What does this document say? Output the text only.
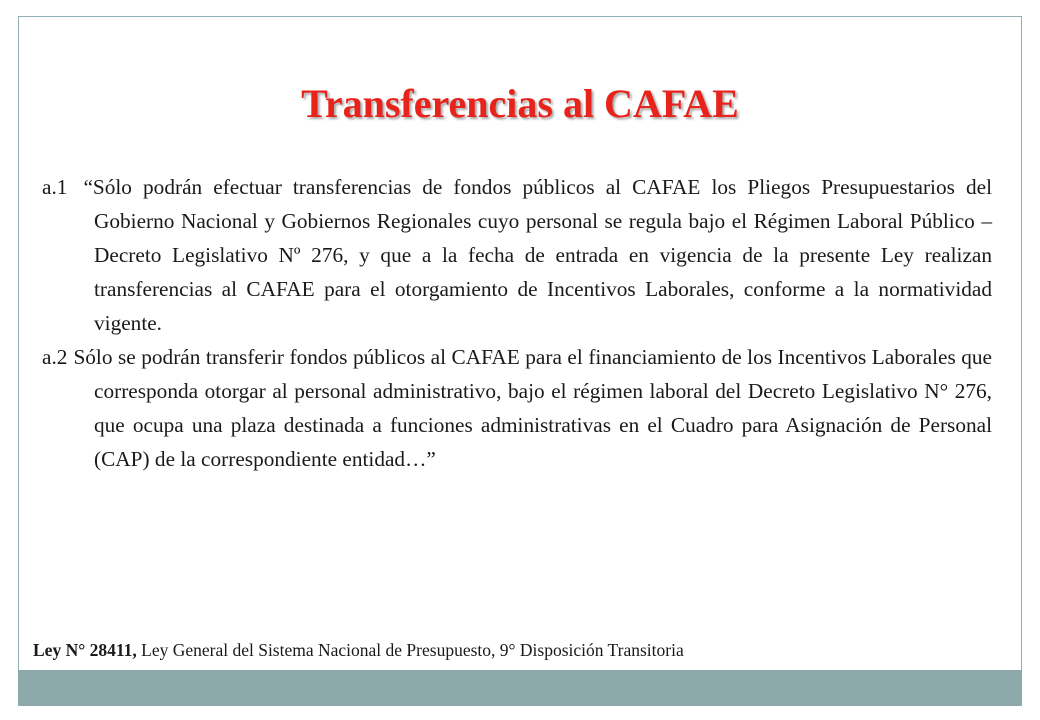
Transferencias al CAFAE

a.1 “Sólo podrán efectuar transferencias de fondos públicos al CAFAE los Pliegos Presupuestarios del Gobierno Nacional y Gobiernos Regionales cuyo personal se regula bajo el Régimen Laboral Público – Decreto Legislativo Nº 276, y que a la fecha de entrada en vigencia de la presente Ley realizan transferencias al CAFAE para el otorgamiento de Incentivos Laborales, conforme a la normatividad vigente.

a.2 Sólo se podrán transferir fondos públicos al CAFAE para el financiamiento de los Incentivos Laborales que corresponda otorgar al personal administrativo, bajo el régimen laboral del Decreto Legislativo N° 276, que ocupa una plaza destinada a funciones administrativas en el Cuadro para Asignación de Personal (CAP) de la correspondiente entidad…”

Ley N° 28411, Ley General del Sistema Nacional de Presupuesto, 9° Disposición Transitoria
